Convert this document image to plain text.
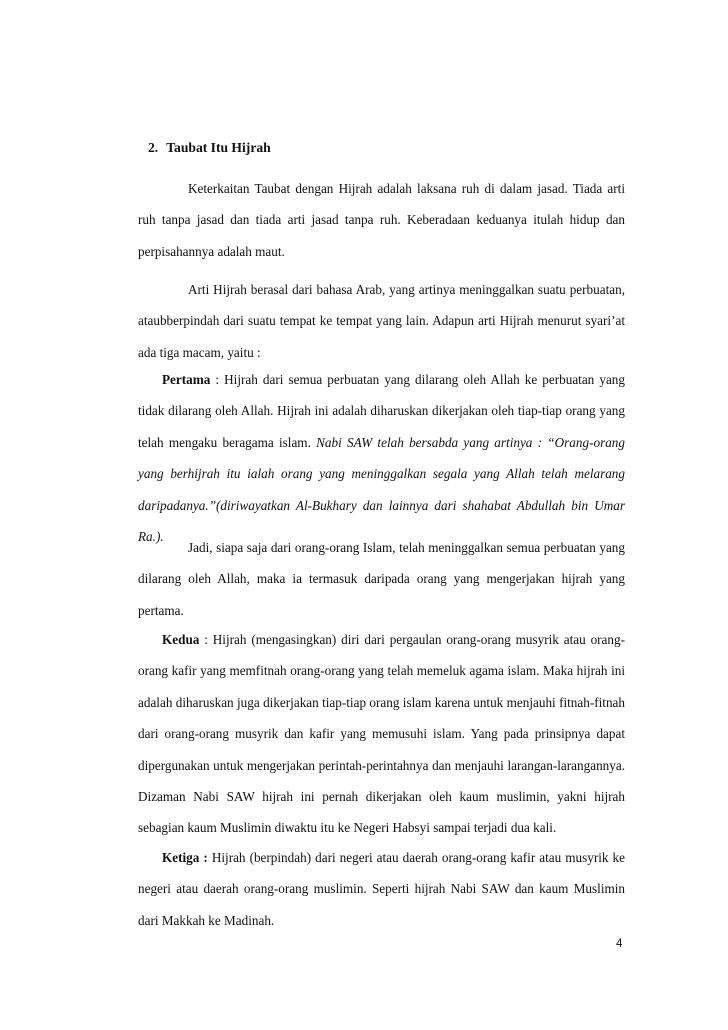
2. Taubat Itu Hijrah

Keterkaitan Taubat dengan Hijrah adalah laksana ruh di dalam jasad. Tiada arti ruh tanpa jasad dan tiada arti jasad tanpa ruh. Keberadaan keduanya itulah hidup dan perpisahannya adalah maut.

Arti Hijrah berasal dari bahasa Arab, yang artinya meninggalkan suatu perbuatan, ataubberpindah dari suatu tempat ke tempat yang lain. Adapun arti Hijrah menurut syari’at ada tiga macam, yaitu :

Pertama : Hijrah dari semua perbuatan yang dilarang oleh Allah ke perbuatan yang tidak dilarang oleh Allah. Hijrah ini adalah diharuskan dikerjakan oleh tiap-tiap orang yang telah mengaku beragama islam. Nabi SAW telah bersabda yang artinya : “Orang-orang yang berhijrah itu ialah orang yang meninggalkan segala yang Allah telah melarang daripadanya.”(diriwayatkan Al-Bukhary dan lainnya dari shahabat Abdullah bin Umar Ra.).

Jadi, siapa saja dari orang-orang Islam, telah meninggalkan semua perbuatan yang dilarang oleh Allah, maka ia termasuk daripada orang yang mengerjakan hijrah yang pertama.

Kedua : Hijrah (mengasingkan) diri dari pergaulan orang-orang musyrik atau orang-orang kafir yang memfitnah orang-orang yang telah memeluk agama islam. Maka hijrah ini adalah diharuskan juga dikerjakan tiap-tiap orang islam karena untuk menjauhi fitnah-fitnah dari orang-orang musyrik dan kafir yang memusuhi islam. Yang pada prinsipnya dapat dipergunakan untuk mengerjakan perintah-perintahnya dan menjauhi larangan-larangannya. Dizaman Nabi SAW hijrah ini pernah dikerjakan oleh kaum muslimin, yakni hijrah sebagian kaum Muslimin diwaktu itu ke Negeri Habsyi sampai terjadi dua kali.

Ketiga : Hijrah (berpindah) dari negeri atau daerah orang-orang kafir atau musyrik ke negeri atau daerah orang-orang muslimin. Seperti hijrah Nabi SAW dan kaum Muslimin dari Makkah ke Madinah.

4
